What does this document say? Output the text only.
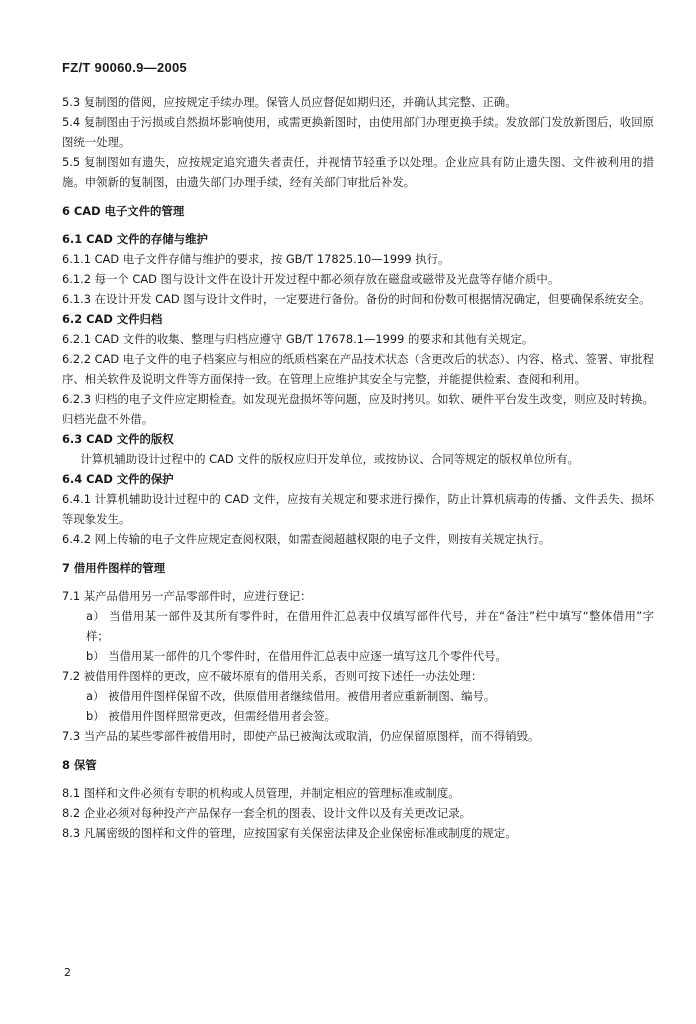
FZ/T 90060.9—2005
5.3 复制图的借阅，应按规定手续办理。保管人员应督促如期归还，并确认其完整、正确。
5.4 复制图由于污损或自然损坏影响使用，或需更换新图时，由使用部门办理更换手续。发放部门发放新图后，收回原图统一处理。
5.5 复制图如有遗失，应按规定追究遗失者责任，并视情节轻重予以处理。企业应具有防止遗失图、文件被利用的措施。申领新的复制图，由遗失部门办理手续，经有关部门审批后补发。
6 CAD 电子文件的管理
6.1 CAD 文件的存储与维护
6.1.1 CAD 电子文件存储与维护的要求，按 GB/T 17825.10—1999 执行。
6.1.2 每一个 CAD 图与设计文件在设计开发过程中都必须存放在磁盘或磁带及光盘等存储介质中。
6.1.3 在设计开发 CAD 图与设计文件时，一定要进行备份。备份的时间和份数可根据情况确定，但要确保系统安全。
6.2 CAD 文件归档
6.2.1 CAD 文件的收集、整理与归档应遵守 GB/T 17678.1—1999 的要求和其他有关规定。
6.2.2 CAD 电子文件的电子档案应与相应的纸质档案在产品技术状态（含更改后的状态）、内容、格式、签署、审批程序、相关软件及说明文件等方面保持一致。在管理上应维护其安全与完整，并能提供检索、查阅和利用。
6.2.3 归档的电子文件应定期检查。如发现光盘损坏等问题，应及时拷贝。如软、硬件平台发生改变，则应及时转换。归档光盘不外借。
6.3 CAD 文件的版权
计算机辅助设计过程中的 CAD 文件的版权应归开发单位，或按协议、合同等规定的版权单位所有。
6.4 CAD 文件的保护
6.4.1 计算机辅助设计过程中的 CAD 文件，应按有关规定和要求进行操作，防止计算机病毒的传播、文件丢失、损坏等现象发生。
6.4.2 网上传输的电子文件应规定查阅权限，如需查阅超越权限的电子文件，则按有关规定执行。
7 借用件图样的管理
7.1 某产品借用另一产品零部件时，应进行登记：
a） 当借用某一部件及其所有零件时，在借用件汇总表中仅填写部件代号，并在“备注”栏中填写“整体借用”字样；
b） 当借用某一部件的几个零件时，在借用件汇总表中应逐一填写这几个零件代号。
7.2 被借用件图样的更改，应不破坏原有的借用关系，否则可按下述任一办法处理：
a） 被借用件图样保留不改，供原借用者继续借用。被借用者应重新制图、编号。
b） 被借用件图样照常更改，但需经借用者会签。
7.3 当产品的某些零部件被借用时，即使产品已被淘汰或取消，仍应保留原图样，而不得销毁。
8 保管
8.1 图样和文件必须有专职的机构或人员管理，并制定相应的管理标准或制度。
8.2 企业必须对每种投产产品保存一套全机的图表、设计文件以及有关更改记录。
8.3 凡属密级的图样和文件的管理，应按国家有关保密法律及企业保密标准或制度的规定。
2
